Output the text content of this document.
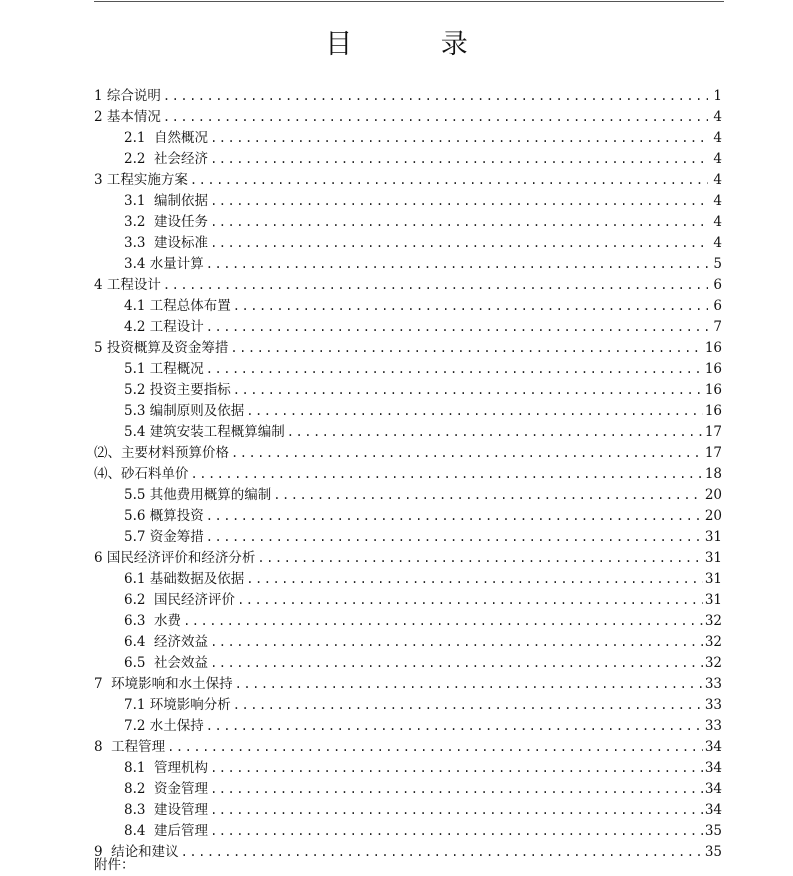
目 录
1 综合说明 .....	1
2 基本情况 .....	4
2.1  自然概况 .....	4
2.2  社会经济 .....	4
3 工程实施方案 .....	4
3.1  编制依据 .....	4
3.2  建设任务 .....	4
3.3  建设标准 .....	4
3.4 水量计算 .....	5
4 工程设计 .....	6
4.1 工程总体布置 .....	6
4.2 工程设计 .....	7
5 投资概算及资金筹措 .....	16
5.1 工程概况 .....	16
5.2 投资主要指标 .....	16
5.3 编制原则及依据 .....	16
5.4 建筑安装工程概算编制 .....	17
⑵、主要材料预算价格 .....	17
⑷、砂石料单价 .....	18
5.5 其他费用概算的编制 .....	20
5.6 概算投资 .....	20
5.7 资金筹措 .....	31
6 国民经济评价和经济分析 .....	31
6.1 基础数据及依据 .....	31
6.2  国民经济评价 .....	31
6.3  水费 .....	32
6.4  经济效益 .....	32
6.5  社会效益 .....	32
7  环境影响和水土保持 .....	33
7.1 环境影响分析 .....	33
7.2 水土保持 .....	33
8  工程管理 .....	34
8.1  管理机构 .....	34
8.2  资金管理 .....	34
8.3  建设管理 .....	34
8.4  建后管理 .....	35
9  结论和建议 .....	35
附件：
